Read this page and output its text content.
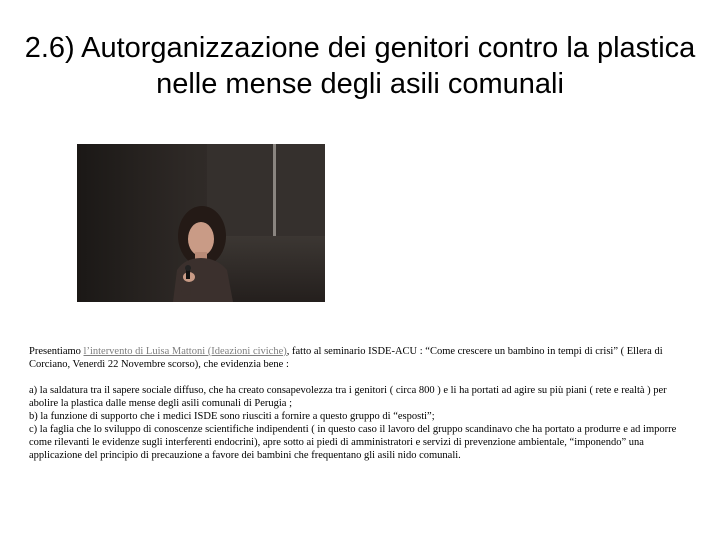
2.6) Autorganizzazione dei genitori contro la plastica nelle mense degli asili comunali

Presentiamo l’intervento di Luisa Mattoni (Ideazioni civiche), fatto al seminario ISDE-ACU : “Come crescere un bambino in tempi di crisi” ( Ellera di Corciano, Venerdì 22 Novembre scorso), che evidenzia bene :

a) la saldatura tra il sapere sociale diffuso, che ha creato consapevolezza tra i genitori ( circa 800 ) e li ha portati ad agire su più piani ( rete e realtà ) per abolire la plastica dalle mense degli asili comunali di Perugia ;

b) la funzione di supporto che i medici ISDE sono riusciti a fornire a questo gruppo di “esposti”;

c) la faglia che lo sviluppo di conoscenze scientifiche indipendenti ( in questo caso il lavoro del gruppo scandinavo che ha portato a produrre e ad imporre come rilevanti le evidenze sugli interferenti endocrini), apre sotto ai piedi di amministratori e servizi di prevenzione ambientale, “imponendo” una applicazione del principio di precauzione a favore dei bambini che frequentano gli asili nido comunali.
